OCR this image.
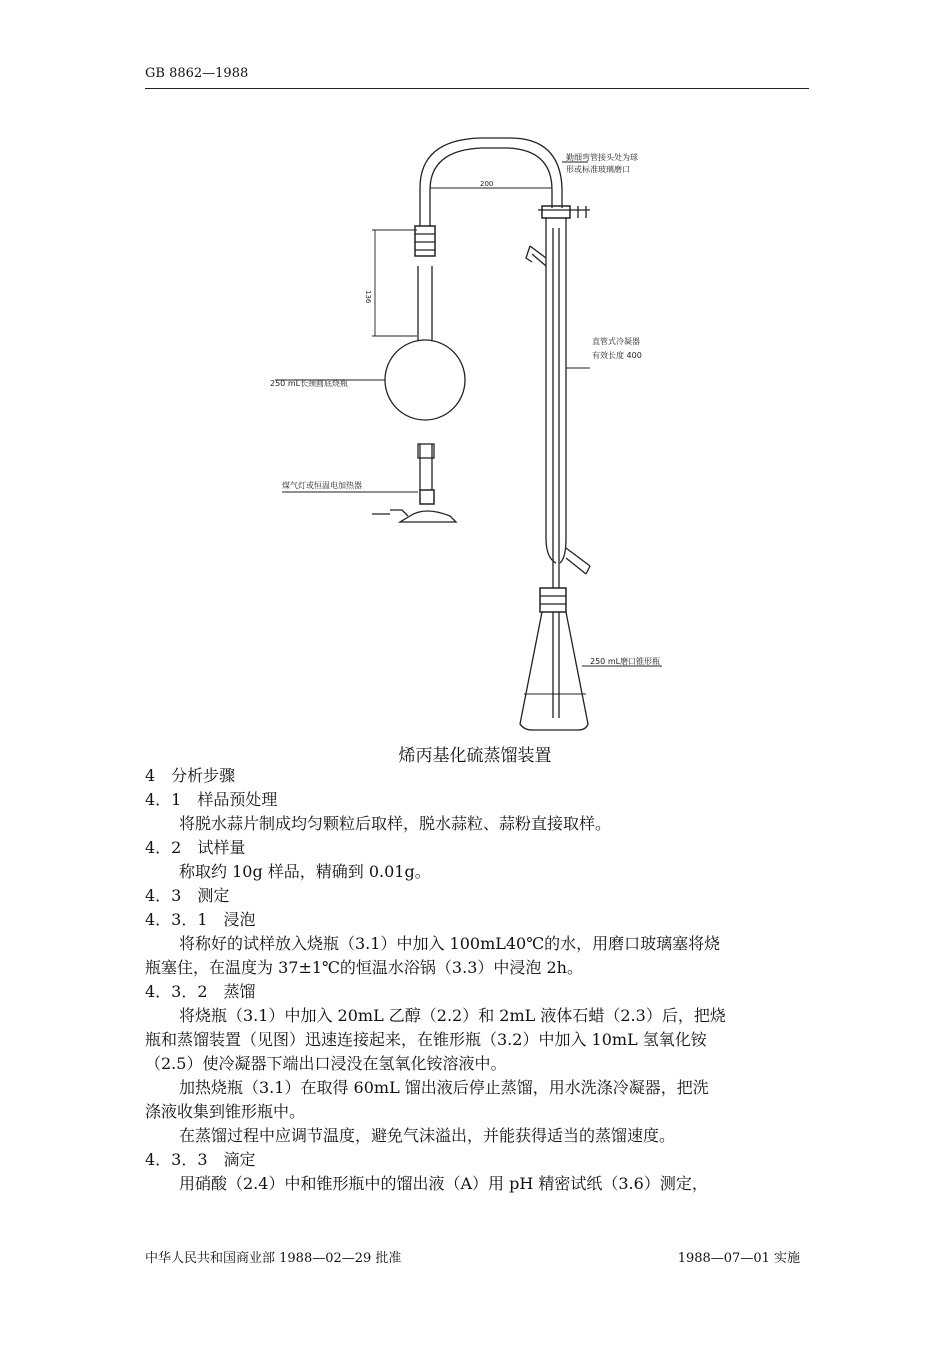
GB 8862—1988
200
136
勤细弯管接头处为球
形或标准玻璃磨口
直管式冷凝器
有效长度 400
250 mL长颈圆底烧瓶
煤气灯或恒温电加热器
250 mL磨口锥形瓶
烯丙基化硫蒸馏装置
4　分析步骤
4．1　样品预处理
将脱水蒜片制成均匀颗粒后取样，脱水蒜粒、蒜粉直接取样。
4．2　试样量
称取约 10g 样品，精确到 0.01g。
4．3　测定
4．3．1　浸泡
将称好的试样放入烧瓶（3.1）中加入 100mL40℃的水，用磨口玻璃塞将烧
瓶塞住，在温度为 37±1℃的恒温水浴锅（3.3）中浸泡 2h。
4．3．2　蒸馏
将烧瓶（3.1）中加入 20mL 乙醇（2.2）和 2mL 液体石蜡（2.3）后，把烧
瓶和蒸馏装置（见图）迅速连接起来，在锥形瓶（3.2）中加入 10mL 氢氧化铵
（2.5）使冷凝器下端出口浸没在氢氧化铵溶液中。
加热烧瓶（3.1）在取得 60mL 馏出液后停止蒸馏，用水洗涤冷凝器，把洗
涤液收集到锥形瓶中。
在蒸馏过程中应调节温度，避免气沫溢出，并能获得适当的蒸馏速度。
4．3．3　滴定
用硝酸（2.4）中和锥形瓶中的馏出液（A）用 pH 精密试纸（3.6）测定，
中华人民共和国商业部 1988—02—29 批准	1988—07—01 实施
